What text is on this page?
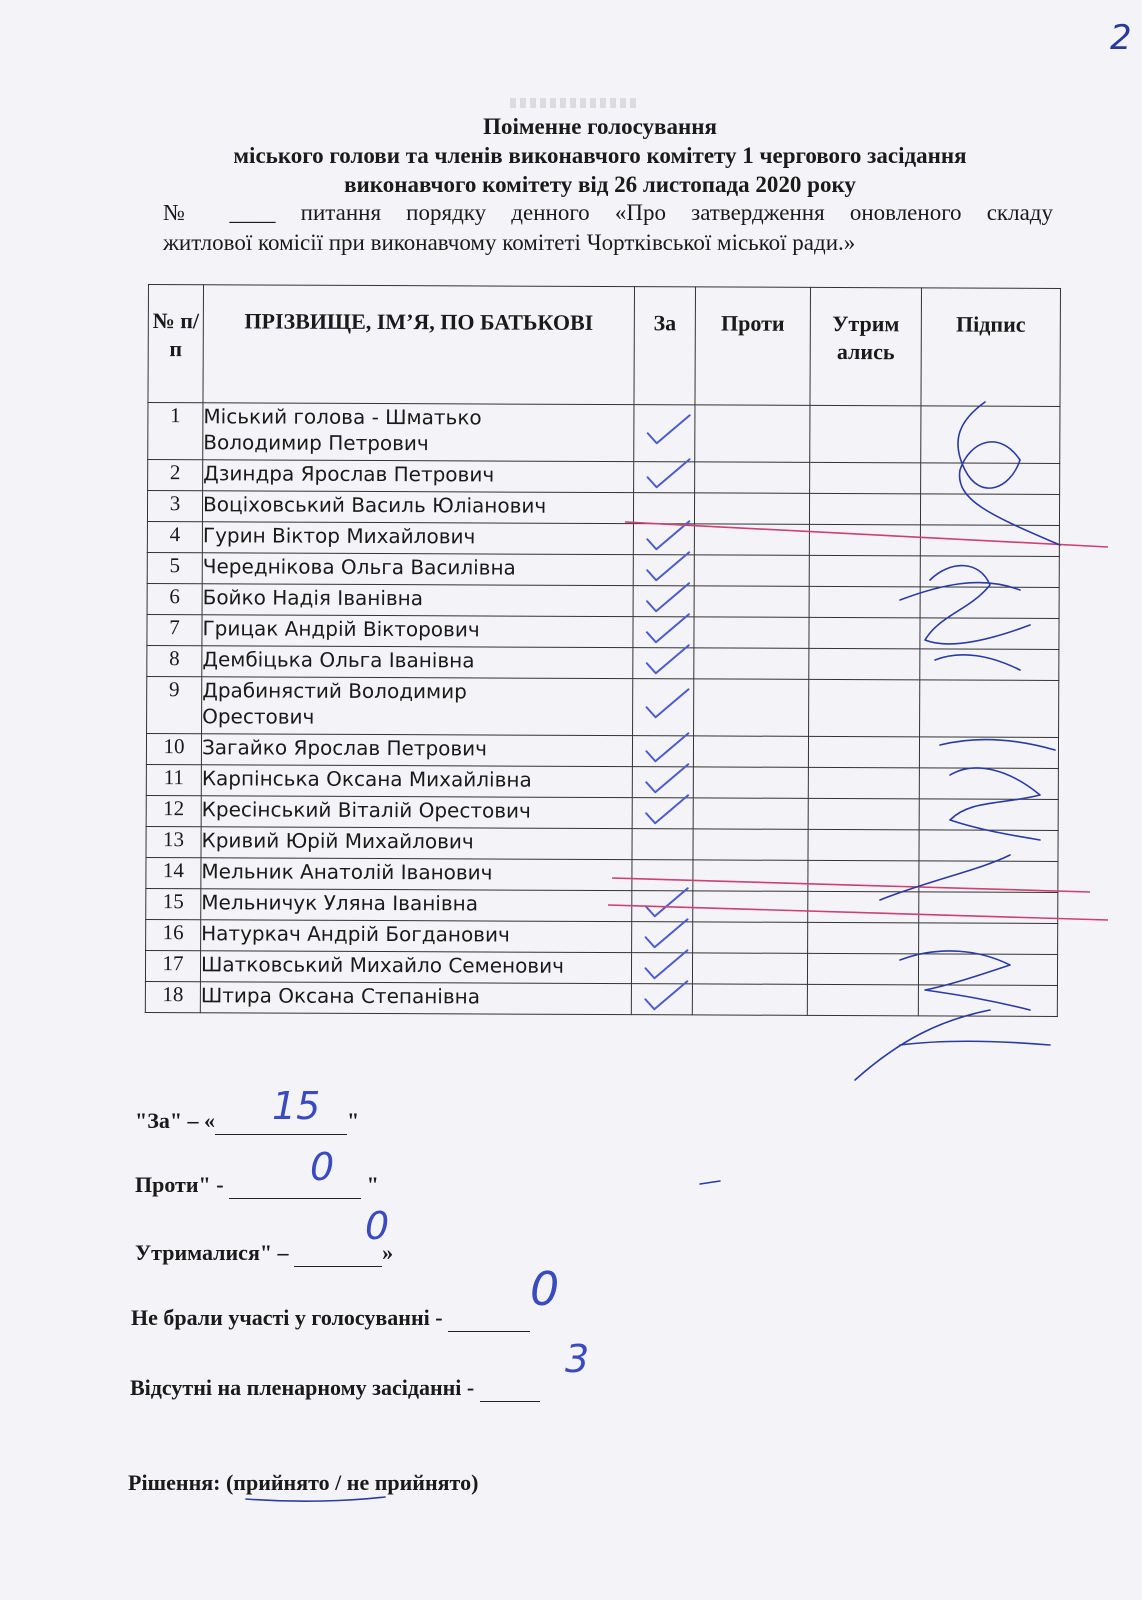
2
Поіменне голосування
міського голови та членів виконавчого комітету 1 чергового засідання
виконавчого комітету від 26 листопада 2020 року
№ ____ питання порядку денного «Про затвердження оновленого складу
житлової комісії при виконавчому комітеті Чортківської міської ради.»
№ п/ п	ПРІЗВИЩЕ, ІМ’Я, ПО БАТЬКОВІ	За	Проти	Утрим ались	Підпис
1	Міський голова - Шматько
Володимир Петрович				

2	Дзиндра Ярослав Петрович				

3	Воціховський Василь Юліанович				

4	Гурин Віктор Михайлович				

5	Череднікова Ольга Василівна				

6	Бойко Надія Іванівна				

7	Грицак Андрій Вікторович				

8	Дембіцька Ольга Іванівна				

9	Драбинястий Володимир
Орестович				

10	Загайко Ярослав Петрович				

11	Карпінська Оксана Михайлівна				

12	Кресінський Віталій Орестович				

13	Кривий Юрій Михайлович				

14	Мельник Анатолій Іванович				

15	Мельничук Уляна Іванівна				

16	Натуркач Андрій Богданович				

17	Шатковський Михайло Семенович				

18	Штира Оксана Степанівна				

"За" – «	"
15
Проти" -	"
0
Утрималися" –	»
0
Не брали участі у голосуванні -
0
Відсутні на пленарному засіданні -
3
Рішення: (прийнято / не прийнято)
